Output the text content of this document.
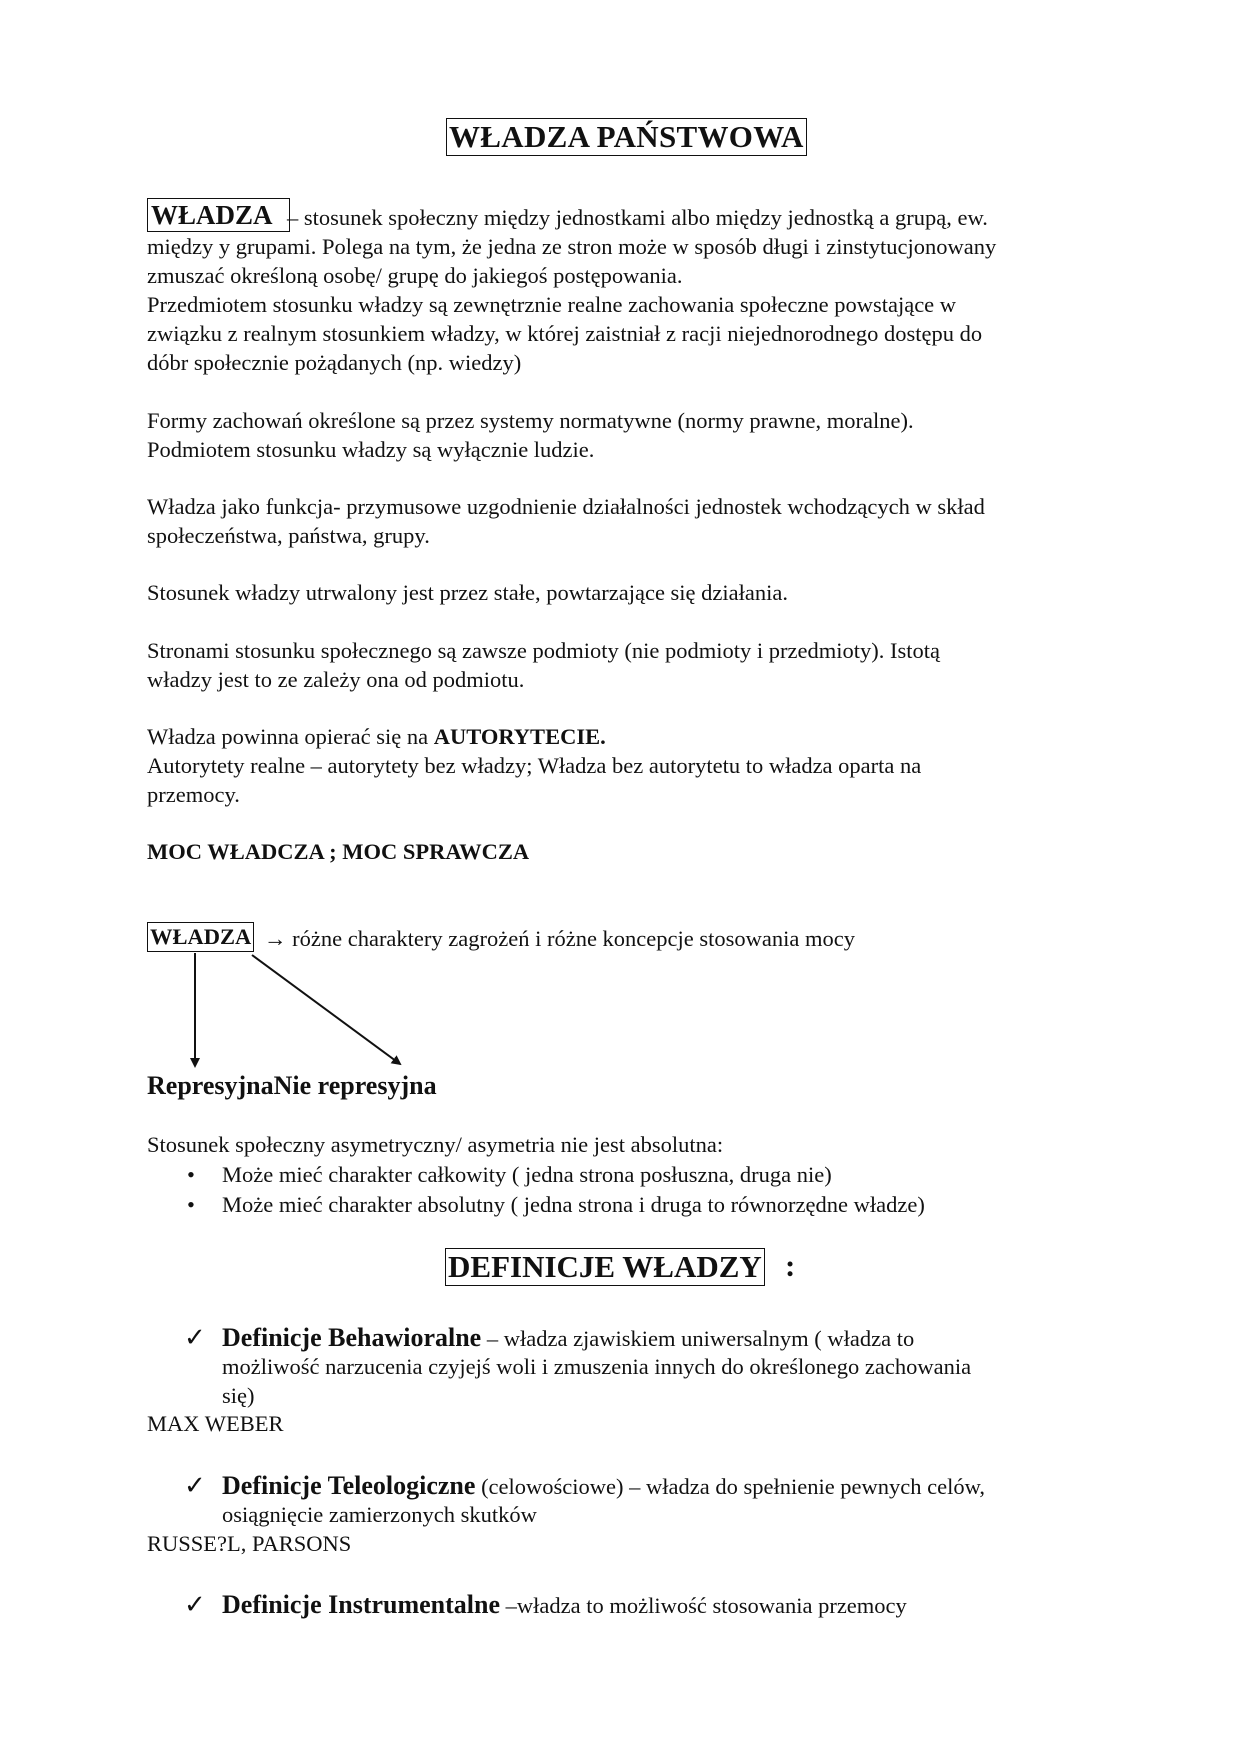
WŁADZA PAŃSTWOWA
WŁADZA – stosunek społeczny między jednostkami albo między jednostką a grupą, ew.
między y grupami. Polega na tym, że jedna ze stron może w sposób długi i zinstytucjonowany
zmuszać określoną osobę/ grupę do jakiegoś postępowania.
Przedmiotem stosunku władzy są zewnętrznie realne zachowania społeczne powstające w
związku z realnym stosunkiem władzy, w której zaistniał z racji niejednorodnego dostępu do
dóbr społecznie pożądanych (np. wiedzy)
Formy zachowań określone są przez systemy normatywne (normy prawne, moralne).
Podmiotem stosunku władzy są wyłącznie ludzie.
Władza jako funkcja- przymusowe uzgodnienie działalności jednostek wchodzących w skład
społeczeństwa, państwa, grupy.
Stosunek władzy utrwalony jest przez stałe, powtarzające się działania.
Stronami stosunku społecznego są zawsze podmioty (nie podmioty i przedmioty). Istotą
władzy jest to ze zależy ona od podmiotu.
Władza powinna opierać się na AUTORYTECIE.
Autorytety realne – autorytety bez władzy; Władza bez autorytetu to władza oparta na
przemocy.
MOC WŁADCZA ; MOC SPRAWCZA
WŁADZA → różne charaktery zagrożeń i różne koncepcje stosowania mocy
RepresyjnaNie represyjna
Stosunek społeczny asymetryczny/ asymetria nie jest absolutna:
• Może mieć charakter całkowity ( jedna strona posłuszna, druga nie)
• Może mieć charakter absolutny ( jedna strona i druga to równorzędne władze)
DEFINICJE WŁADZY :
✓ Definicje Behawioralne – władza zjawiskiem uniwersalnym ( władza to
możliwość narzucenia czyjejś woli i zmuszenia innych do określonego zachowania
się)
MAX WEBER
✓ Definicje Teleologiczne (celowościowe) – władza do spełnienie pewnych celów,
osiągnięcie zamierzonych skutków
RUSSE?L, PARSONS
✓ Definicje Instrumentalne –władza to możliwość stosowania przemocy
